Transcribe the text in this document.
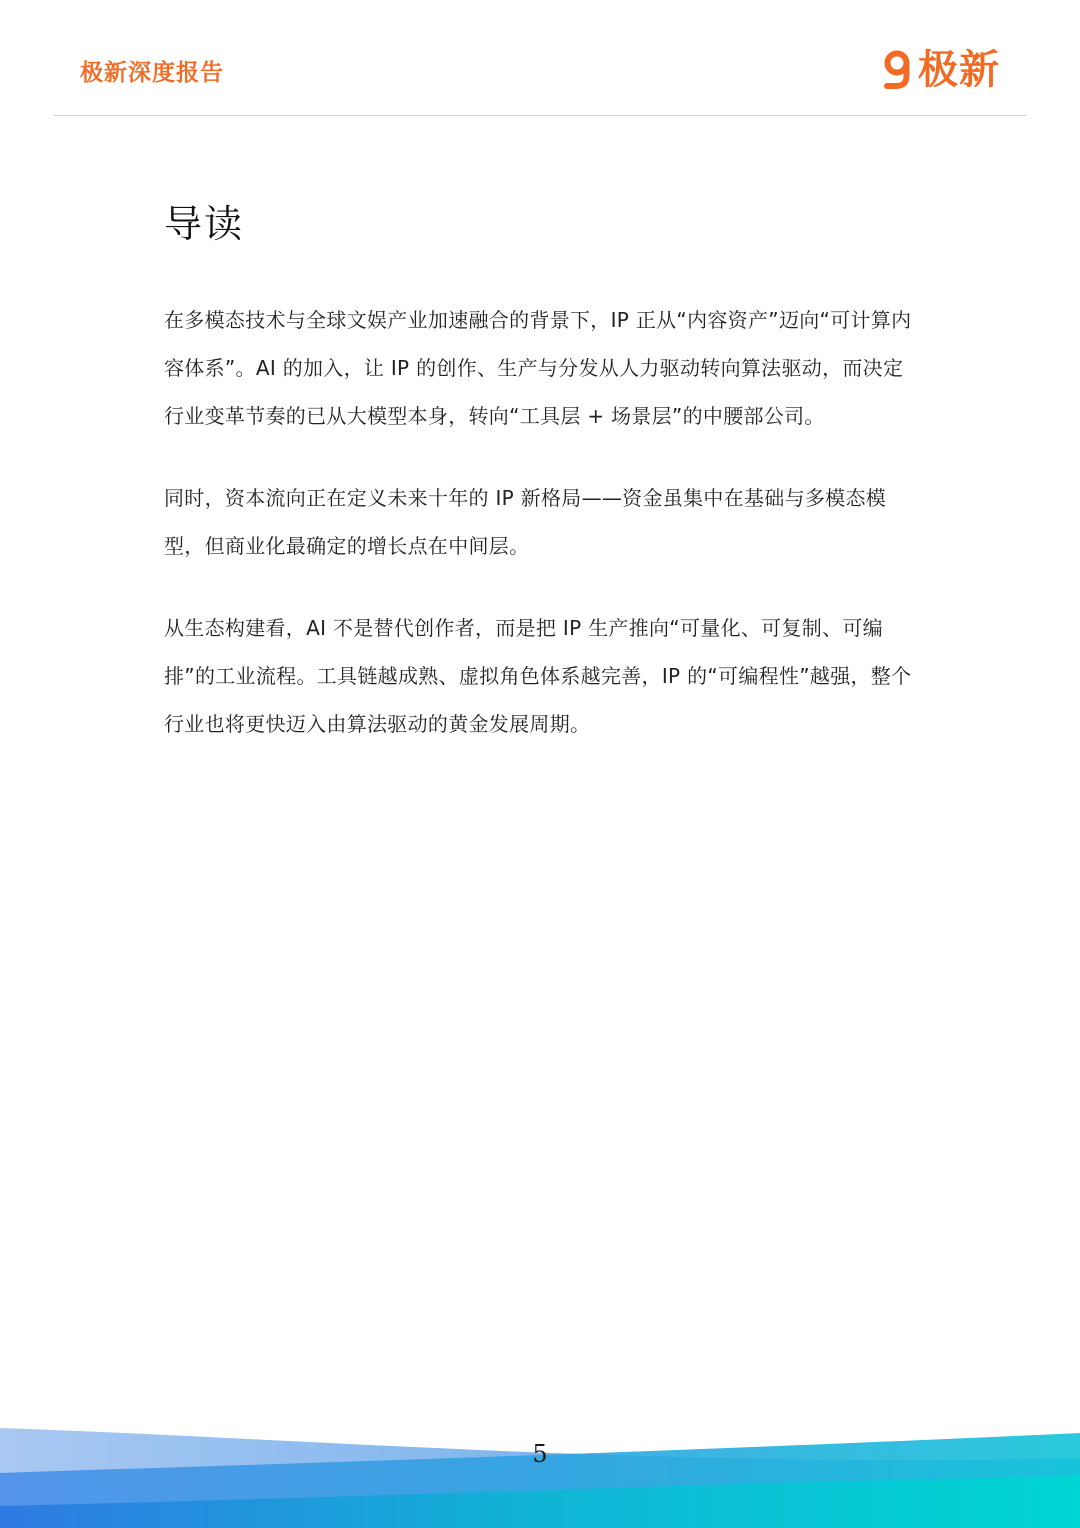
极新深度报告	极新
导读

在多模态技术与全球文娱产业加速融合的背景下，IP 正从“内容资产”迈向“可计算内容体系”。AI 的加入，让 IP 的创作、生产与分发从人力驱动转向算法驱动，而决定行业变革节奏的已从大模型本身，转向“工具层 + 场景层”的中腰部公司。

同时，资本流向正在定义未来十年的 IP 新格局——资金虽集中在基础与多模态模型，但商业化最确定的增长点在中间层。

从生态构建看，AI 不是替代创作者，而是把 IP 生产推向“可量化、可复制、可编排”的工业流程。工具链越成熟、虚拟角色体系越完善，IP 的“可编程性”越强，整个行业也将更快迈入由算法驱动的黄金发展周期。

5
